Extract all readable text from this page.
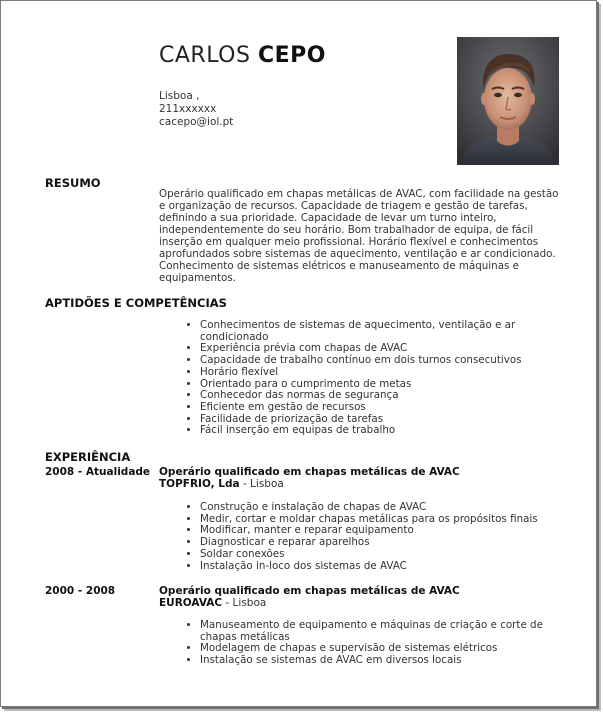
CARLOS CEPO
Lisboa ,
211xxxxxx
cacepo@iol.pt
RESUMO
Operário qualificado em chapas metálicas de AVAC, com facilidade na gestão e organização de recursos. Capacidade de triagem e gestão de tarefas, definindo a sua prioridade. Capacidade de levar um turno inteiro, independentemente do seu horário. Bom trabalhador de equipa, de fácil inserção em qualquer meio profissional. Horário flexível e conhecimentos aprofundados sobre sistemas de aquecimento, ventilação e ar condicionado. Conhecimento de sistemas elétricos e manuseamento de máquinas e equipamentos.
APTIDÕES E COMPETÊNCIAS
• Conhecimentos de sistemas de aquecimento, ventilação e ar condicionado
• Experiência prévia com chapas de AVAC
• Capacidade de trabalho contínuo em dois turnos consecutivos
• Horário flexível
• Orientado para o cumprimento de metas
• Conhecedor das normas de segurança
• Eficiente em gestão de recursos
• Facilidade de priorização de tarefas
• Fácil inserção em equipas de trabalho
EXPERIÊNCIA
2008 - Atualidade Operário qualificado em chapas metálicas de AVAC
TOPFRIO, Lda - Lisboa
• Construção e instalação de chapas de AVAC
• Medir, cortar e moldar chapas metálicas para os propósitos finais
• Modificar, manter e reparar equipamento
• Diagnosticar e reparar aparelhos
• Soldar conexões
• Instalação in-loco dos sistemas de AVAC
2000 - 2008	Operário qualificado em chapas metálicas de AVAC
EUROAVAC - Lisboa
• Manuseamento de equipamento e máquinas de criação e corte de chapas metálicas
• Modelagem de chapas e supervisão de sistemas elétricos
• Instalação se sistemas de AVAC em diversos locais
